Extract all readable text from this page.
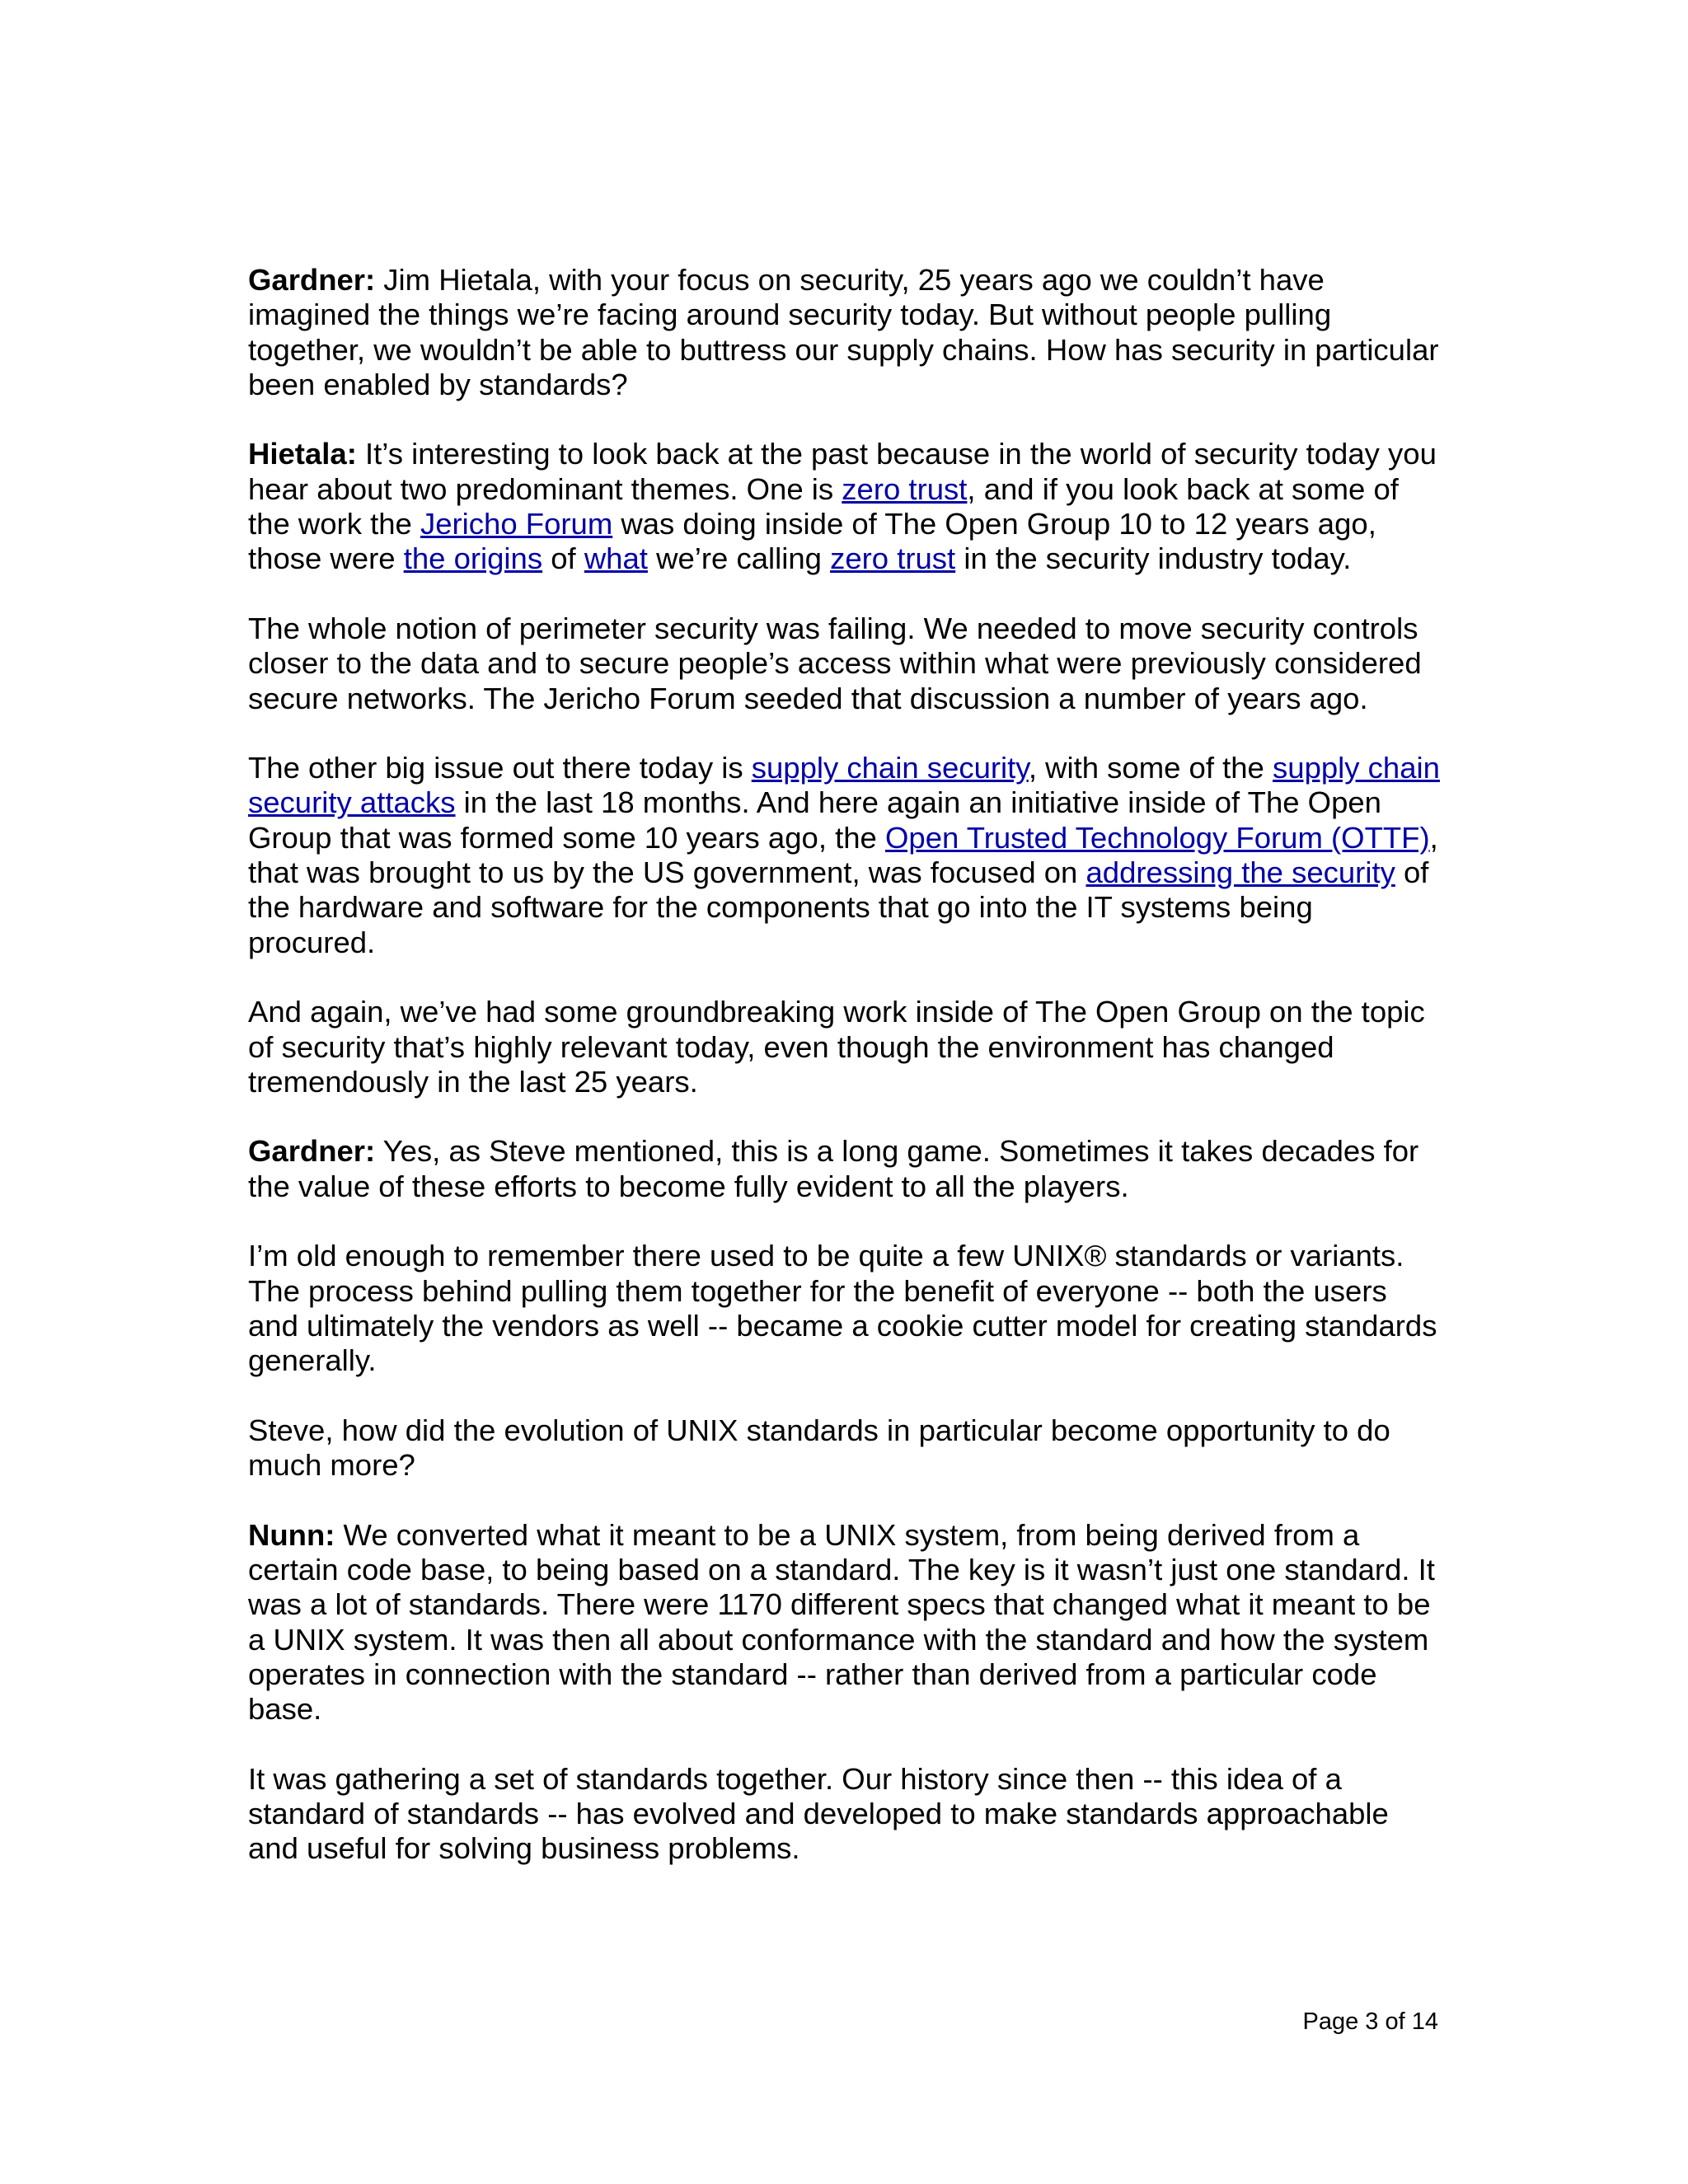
Gardner: Jim Hietala, with your focus on security, 25 years ago we couldn’t have imagined the things we’re facing around security today. But without people pulling together, we wouldn’t be able to buttress our supply chains. How has security in particular been enabled by standards?

Hietala: It’s interesting to look back at the past because in the world of security today you hear about two predominant themes. One is zero trust, and if you look back at some of the work the Jericho Forum was doing inside of The Open Group 10 to 12 years ago, those were the origins of what we’re calling zero trust in the security industry today.

The whole notion of perimeter security was failing. We needed to move security controls closer to the data and to secure people’s access within what were previously considered secure networks. The Jericho Forum seeded that discussion a number of years ago.

The other big issue out there today is supply chain security, with some of the supply chain security attacks in the last 18 months. And here again an initiative inside of The Open Group that was formed some 10 years ago, the Open Trusted Technology Forum (OTTF), that was brought to us by the US government, was focused on addressing the security of the hardware and software for the components that go into the IT systems being procured.

And again, we’ve had some groundbreaking work inside of The Open Group on the topic of security that’s highly relevant today, even though the environment has changed tremendously in the last 25 years.

Gardner: Yes, as Steve mentioned, this is a long game. Sometimes it takes decades for the value of these efforts to become fully evident to all the players.

I’m old enough to remember there used to be quite a few UNIX® standards or variants. The process behind pulling them together for the benefit of everyone -- both the users and ultimately the vendors as well -- became a cookie cutter model for creating standards generally.

Steve, how did the evolution of UNIX standards in particular become opportunity to do much more?

Nunn: We converted what it meant to be a UNIX system, from being derived from a certain code base, to being based on a standard. The key is it wasn’t just one standard. It was a lot of standards. There were 1170 different specs that changed what it meant to be a UNIX system. It was then all about conformance with the standard and how the system operates in connection with the standard -- rather than derived from a particular code base.

It was gathering a set of standards together. Our history since then -- this idea of a standard of standards -- has evolved and developed to make standards approachable and useful for solving business problems.

Page 3 of 14
